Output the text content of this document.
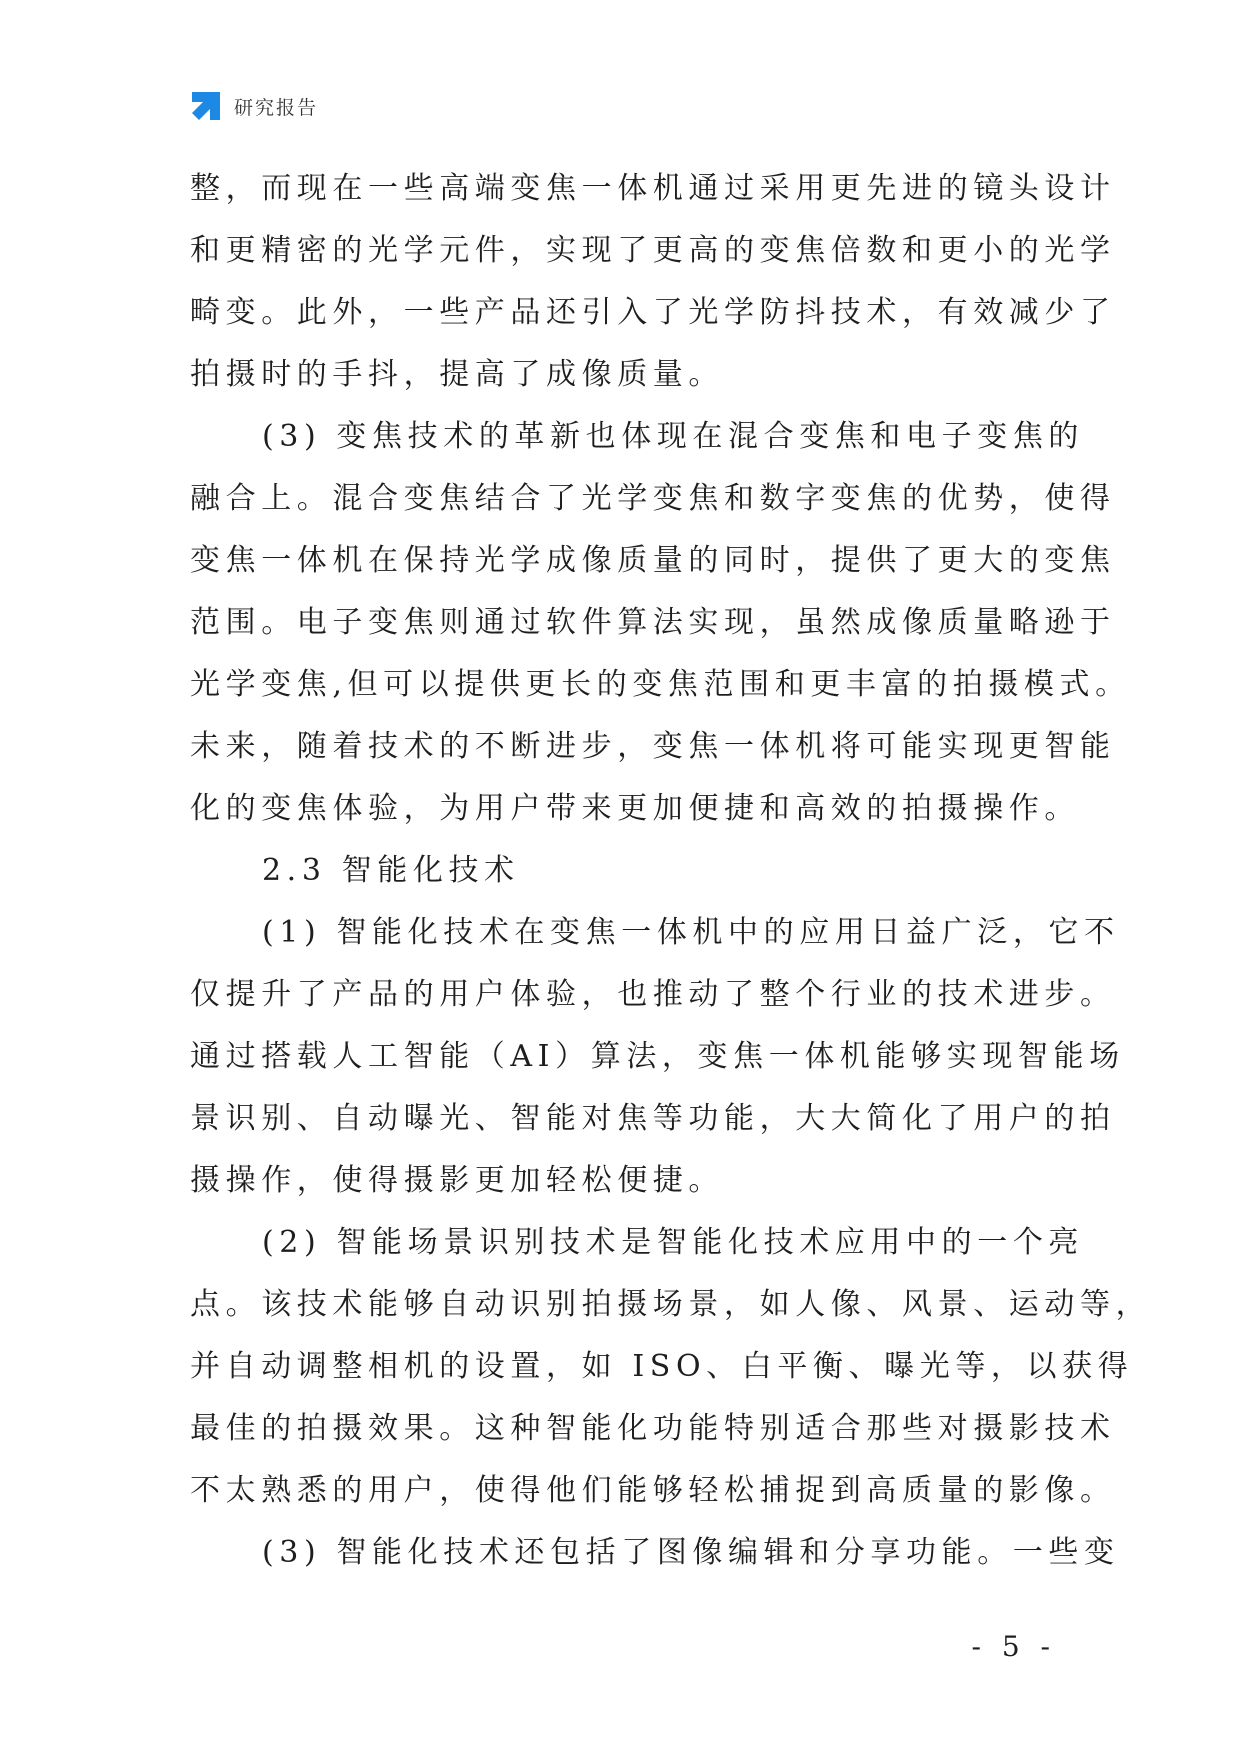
研究报告
整，而现在一些高端变焦一体机通过采用更先进的镜头设计
和更精密的光学元件，实现了更高的变焦倍数和更小的光学
畸变。此外，一些产品还引入了光学防抖技术，有效减少了
拍摄时的手抖，提高了成像质量。
(3) 变焦技术的革新也体现在混合变焦和电子变焦的
融合上。混合变焦结合了光学变焦和数字变焦的优势，使得
变焦一体机在保持光学成像质量的同时，提供了更大的变焦
范围。电子变焦则通过软件算法实现，虽然成像质量略逊于
光学变焦,但可以提供更长的变焦范围和更丰富的拍摄模式。
未来，随着技术的不断进步，变焦一体机将可能实现更智能
化的变焦体验，为用户带来更加便捷和高效的拍摄操作。
2.3 智能化技术
(1) 智能化技术在变焦一体机中的应用日益广泛，它不
仅提升了产品的用户体验，也推动了整个行业的技术进步。
通过搭载人工智能（AI）算法，变焦一体机能够实现智能场
景识别、自动曝光、智能对焦等功能，大大简化了用户的拍
摄操作，使得摄影更加轻松便捷。
(2) 智能场景识别技术是智能化技术应用中的一个亮
点。该技术能够自动识别拍摄场景，如人像、风景、运动等，
并自动调整相机的设置，如 ISO、白平衡、曝光等，以获得
最佳的拍摄效果。这种智能化功能特别适合那些对摄影技术
不太熟悉的用户，使得他们能够轻松捕捉到高质量的影像。
(3) 智能化技术还包括了图像编辑和分享功能。一些变
- 5 -
